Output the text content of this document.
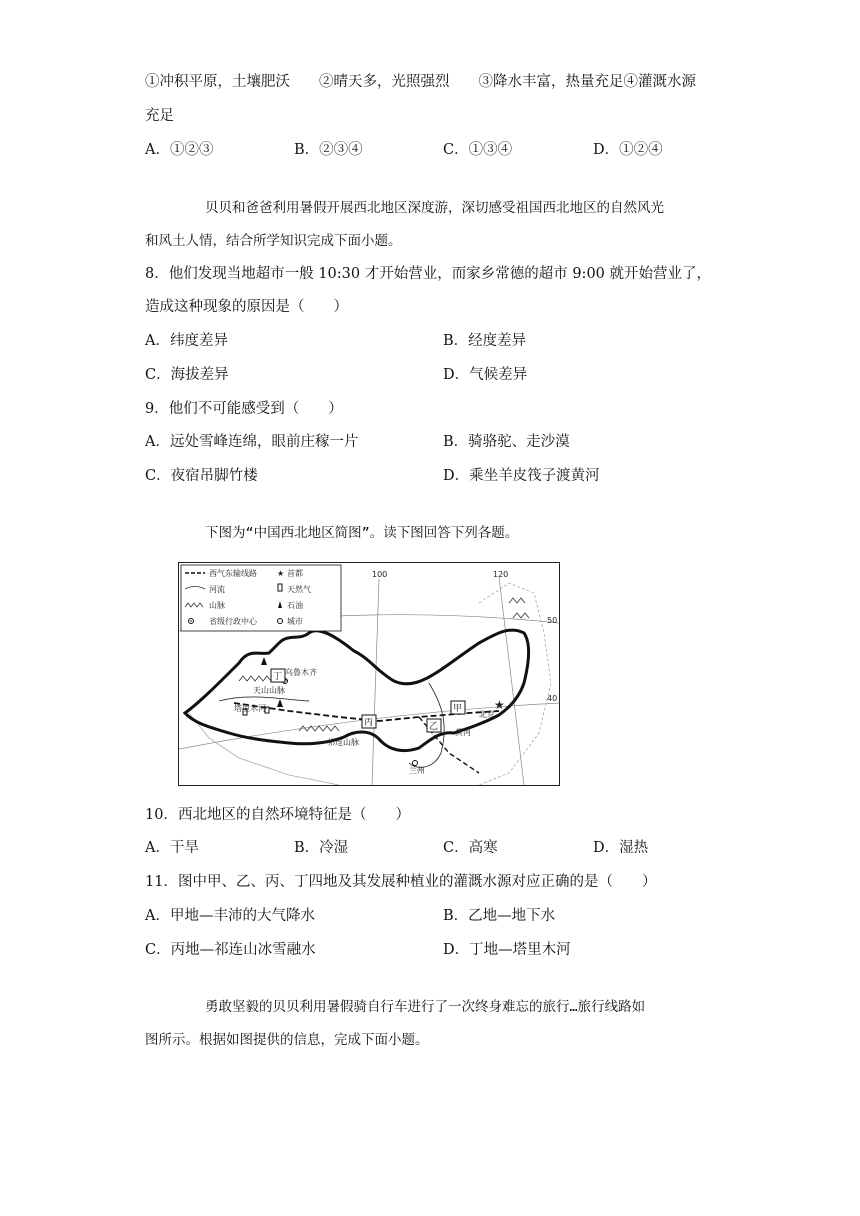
①冲积平原，土壤肥沃　　②晴天多，光照强烈　　③降水丰富，热量充足④灌溉水源
充足
A．①②③	B．②③④	C．①③④	D．①②④
贝贝和爸爸利用暑假开展西北地区深度游，深切感受祖国西北地区的自然风光
和风土人情，结合所学知识完成下面小题。
8．他们发现当地超市一般 10:30 才开始营业，而家乡常德的超市 9:00 就开始营业了，
造成这种现象的原因是（　　）
A．纬度差异	B．经度差异
C．海拔差异	D．气候差异
9．他们不可能感受到（　　）
A．远处雪峰连绵，眼前庄稼一片	B．骑骆驼、走沙漠
C．夜宿吊脚竹楼	D．乘坐羊皮筏子渡黄河
下图为“中国西北地区简图”。读下图回答下列各题。
100	120
50
40
乌鲁木齐
天山山脉
塔里木河
祁连山脉
北京
兰州
黄河
★
甲
乙
丙
丁
西气东输线路	★ 首都
河流	天然气
山脉	石油
省级行政中心	城市
10．西北地区的自然环境特征是（　　）
A．干旱	B．冷湿	C．高寒	D．湿热
11．图中甲、乙、丙、丁四地及其发展种植业的灌溉水源对应正确的是（　　）
A．甲地—丰沛的大气降水	B．乙地—地下水
C．丙地—祁连山冰雪融水	D．丁地—塔里木河
勇敢坚毅的贝贝利用暑假骑自行车进行了一次终身难忘的旅行…旅行线路如
图所示。根据如图提供的信息，完成下面小题。
